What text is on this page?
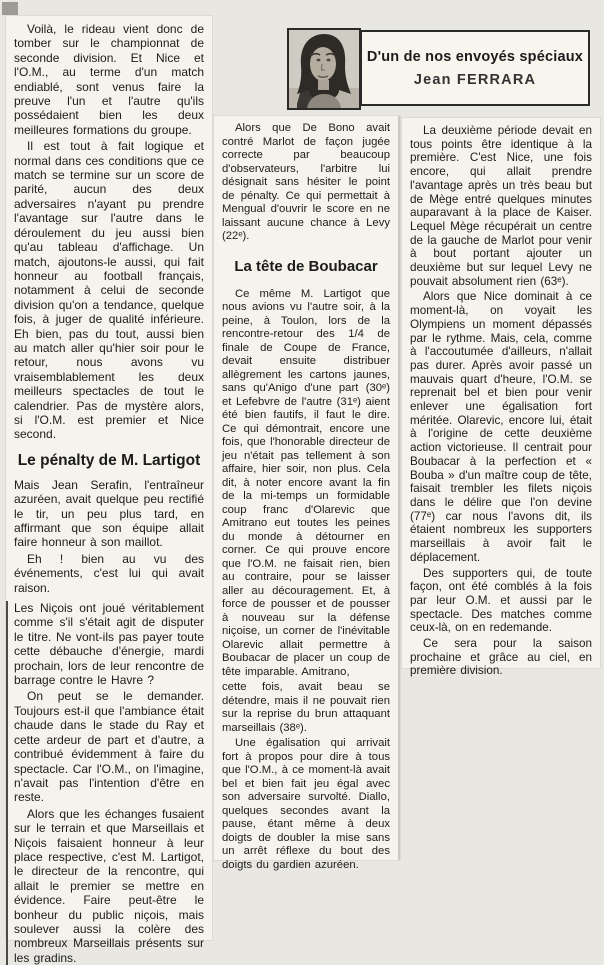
D'un de nos envoyés spéciaux
Jean FERRARA

Voilà, le rideau vient donc de tomber sur le championnat de seconde division. Et Nice et l'O.M., au terme d'un match endiablé, sont venus faire la preuve l'un et l'autre qu'ils possédaient bien les deux meilleures formations du groupe.

Il est tout à fait logique et normal dans ces conditions que ce match se termine sur un score de parité, aucun des deux adversaires n'ayant pu prendre l'avantage sur l'autre dans le déroulement du jeu aussi bien qu'au tableau d'affichage. Un match, ajoutons-le aussi, qui fait honneur au football français, notamment à celui de seconde division qu'on a tendance, quelque fois, à juger de qualité inférieure. Eh bien, pas du tout, aussi bien au match aller qu'hier soir pour le retour, nous avons vu vraisemblablement les deux meilleurs spectacles de tout le calendrier. Pas de mystère alors, si l'O.M. est premier et Nice second.

Le pénalty de M. Lartigot

Mais Jean Serafin, l'entraîneur azuréen, avait quelque peu rectifié le tir, un peu plus tard, en affirmant que son équipe allait faire honneur à son maillot.

Eh ! bien au vu des événements, c'est lui qui avait raison.

Les Niçois ont joué véritablement comme s'il s'était agit de disputer le titre. Ne vont-ils pas payer toute cette débauche d'énergie, mardi prochain, lors de leur rencontre de barrage contre le Havre ?

On peut se le demander. Toujours est-il que l'ambiance était chaude dans le stade du Ray et cette ardeur de part et d'autre, a contribué évidemment à faire du spectacle. Car l'O.M., on l'imagine, n'avait pas l'intention d'être en reste.

Alors que les échanges fusaient sur le terrain et que Marseillais et Niçois faisaient honneur à leur place respective, c'est M. Lartigot, le directeur de la rencontre, qui allait le premier se mettre en évidence. Faire peut-être le bonheur du public niçois, mais soulever aussi la colère des nombreux Marseillais présents sur les gradins.

Alors que De Bono avait contré Marlot de façon jugée correcte par beaucoup d'observateurs, l'arbitre lui désignait sans hésiter le point de pénalty. Ce qui permettait à Mengual d'ouvrir le score en ne laissant aucune chance à Levy (22ᵉ).

La tête de Boubacar

Ce même M. Lartigot que nous avions vu l'autre soir, à la peine, à Toulon, lors de la rencontre-retour des 1/4 de finale de Coupe de France, devait ensuite distribuer allègrement les cartons jaunes, sans qu'Anigo d'une part (30ᵉ) et Lefebvre de l'autre (31ᵉ) aient été bien fautifs, il faut le dire. Ce qui démontrait, encore une fois, que l'honorable directeur de jeu n'était pas tellement à son affaire, hier soir, non plus. Cela dit, à noter encore avant la fin de la mi-temps un formidable coup franc d'Olarevic que Amitrano eut toutes les peines du monde à détourner en corner. Ce qui prouve encore que l'O.M. ne faisait rien, bien au contraire, pour se laisser aller au découragement. Et, à force de pousser et de pousser à nouveau sur la défense niçoise, un corner de l'inévitable Olarevic allait permettre à Boubacar de placer un coup de tête imparable. Amitrano,

cette fois, avait beau se détendre, mais il ne pouvait rien sur la reprise du brun attaquant marseillais (38ᵉ).

Une égalisation qui arrivait fort à propos pour dire à tous que l'O.M., à ce moment-là avait bel et bien fait jeu égal avec son adversaire survolté. Diallo, quelques secondes avant la pause, étant même à deux doigts de doubler la mise sans un arrêt réflexe du bout des doigts du gardien azuréen.

La deuxième période devait en tous points être identique à la première. C'est Nice, une fois encore, qui allait prendre l'avantage après un très beau but de Mège entré quelques minutes auparavant à la place de Kaiser. Lequel Mège récupérait un centre de la gauche de Marlot pour venir à bout portant ajouter un deuxième but sur lequel Levy ne pouvait absolument rien (63ᵉ).

Alors que Nice dominait à ce moment-là, on voyait les Olympiens un moment dépassés par le rythme. Mais, cela, comme à l'accoutumée d'ailleurs, n'allait pas durer. Après avoir passé un mauvais quart d'heure, l'O.M. se reprenait bel et bien pour venir enlever une égalisation fort méritée. Olarevic, encore lui, était à l'origine de cette deuxième action victorieuse. Il centrait pour Boubacar à la perfection et « Bouba » d'un maître coup de tête, faisait trembler les filets niçois dans le délire que l'on devine (77ᵉ) car nous l'avons dit, ils étaient nombreux les supporters marseillais à avoir fait le déplacement.

Des supporters qui, de toute façon, ont été comblés à la fois par leur O.M. et aussi par le spectacle. Des matches comme ceux-là, on en redemande.

Ce sera pour la saison prochaine et grâce au ciel, en première division.
